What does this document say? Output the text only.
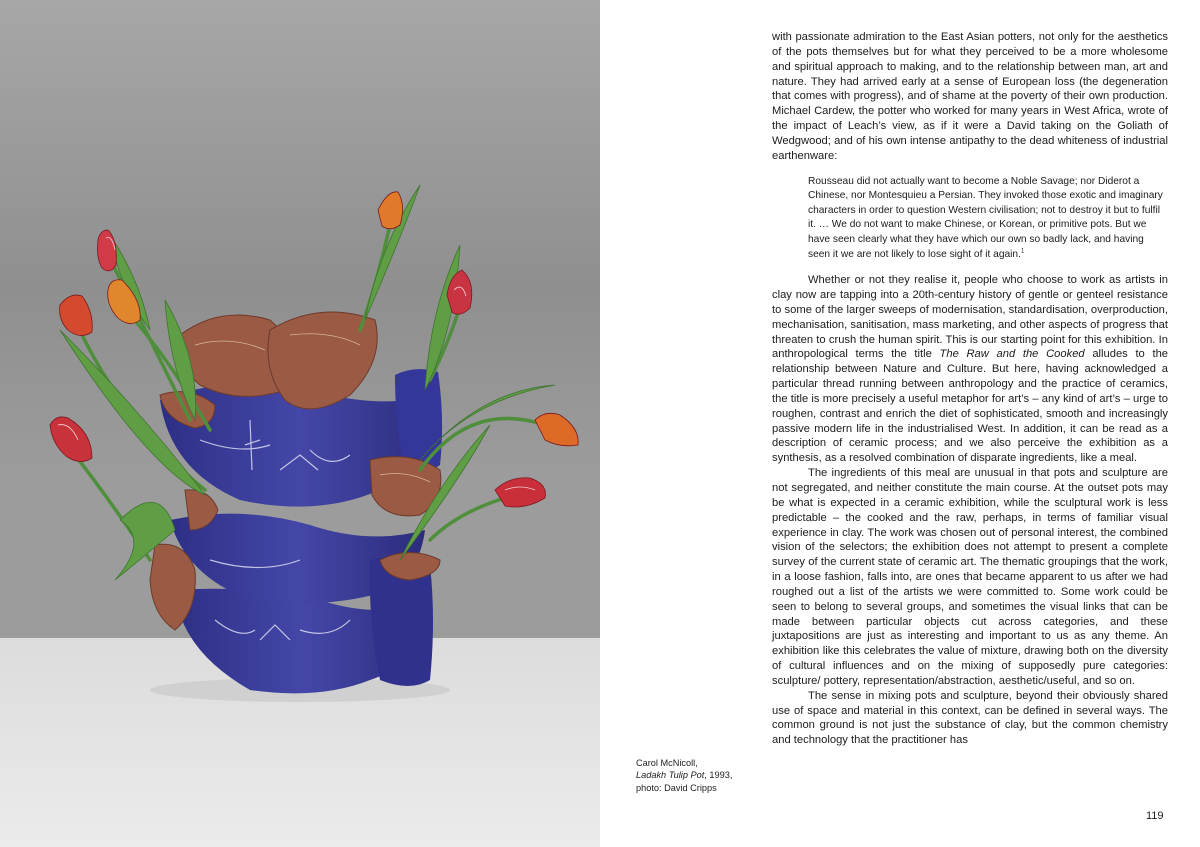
Carol McNicoll,
Ladakh Tulip Pot, 1993,
photo: David Cripps

with passionate admiration to the East Asian potters, not only for the aesthetics of the pots themselves but for what they perceived to be a more wholesome and spiritual approach to making, and to the relationship between man, art and nature. They had arrived early at a sense of European loss (the degeneration that comes with progress), and of shame at the poverty of their own production. Michael Cardew, the potter who worked for many years in West Africa, wrote of the impact of Leach’s view, as if it were a David taking on the Goliath of Wedgwood; and of his own intense antipathy to the dead whiteness of industrial earthenware:

Rousseau did not actually want to become a Noble Savage; nor Diderot a Chinese, nor Montesquieu a Persian. They invoked those exotic and imaginary characters in order to question Western civilisation; not to destroy it but to fulfil it. … We do not want to make Chinese, or Korean, or primitive pots. But we have seen clearly what they have which our own so badly lack, and having seen it we are not likely to lose sight of it again.$^1$

Whether or not they realise it, people who choose to work as artists in clay now are tapping into a 20th-century history of gentle or genteel resistance to some of the larger sweeps of modernisation, standardisation, overproduction, mechanisation, sanitisation, mass marketing, and other aspects of progress that threaten to crush the human spirit. This is our starting point for this exhibition. In anthropological terms the title The Raw and the Cooked alludes to the relationship between Nature and Culture. But here, having acknowledged a particular thread running between anthropology and the practice of ceramics, the title is more precisely a useful metaphor for art’s – any kind of art’s – urge to roughen, contrast and enrich the diet of sophisticated, smooth and increasingly passive modern life in the industrialised West. In addition, it can be read as a description of ceramic process; and we also perceive the exhibition as a synthesis, as a resolved combination of disparate ingredients, like a meal.

The ingredients of this meal are unusual in that pots and sculpture are not segregated, and neither constitute the main course. At the outset pots may be what is expected in a ceramic exhibition, while the sculptural work is less predictable – the cooked and the raw, perhaps, in terms of familiar visual experience in clay. The work was chosen out of personal interest, the combined vision of the selectors; the exhibition does not attempt to present a complete survey of the current state of ceramic art. The thematic groupings that the work, in a loose fashion, falls into, are ones that became apparent to us after we had roughed out a list of the artists we were committed to. Some work could be seen to belong to several groups, and sometimes the visual links that can be made between particular objects cut across categories, and these juxtapositions are just as interesting and important to us as any theme. An exhibition like this celebrates the value of mixture, drawing both on the diversity of cultural influences and on the mixing of supposedly pure categories: sculpture/ pottery, representation/abstraction, aesthetic/useful, and so on.

The sense in mixing pots and sculpture, beyond their obviously shared use of space and material in this context, can be defined in several ways. The common ground is not just the substance of clay, but the common chemistry and technology that the practitioner has

119
